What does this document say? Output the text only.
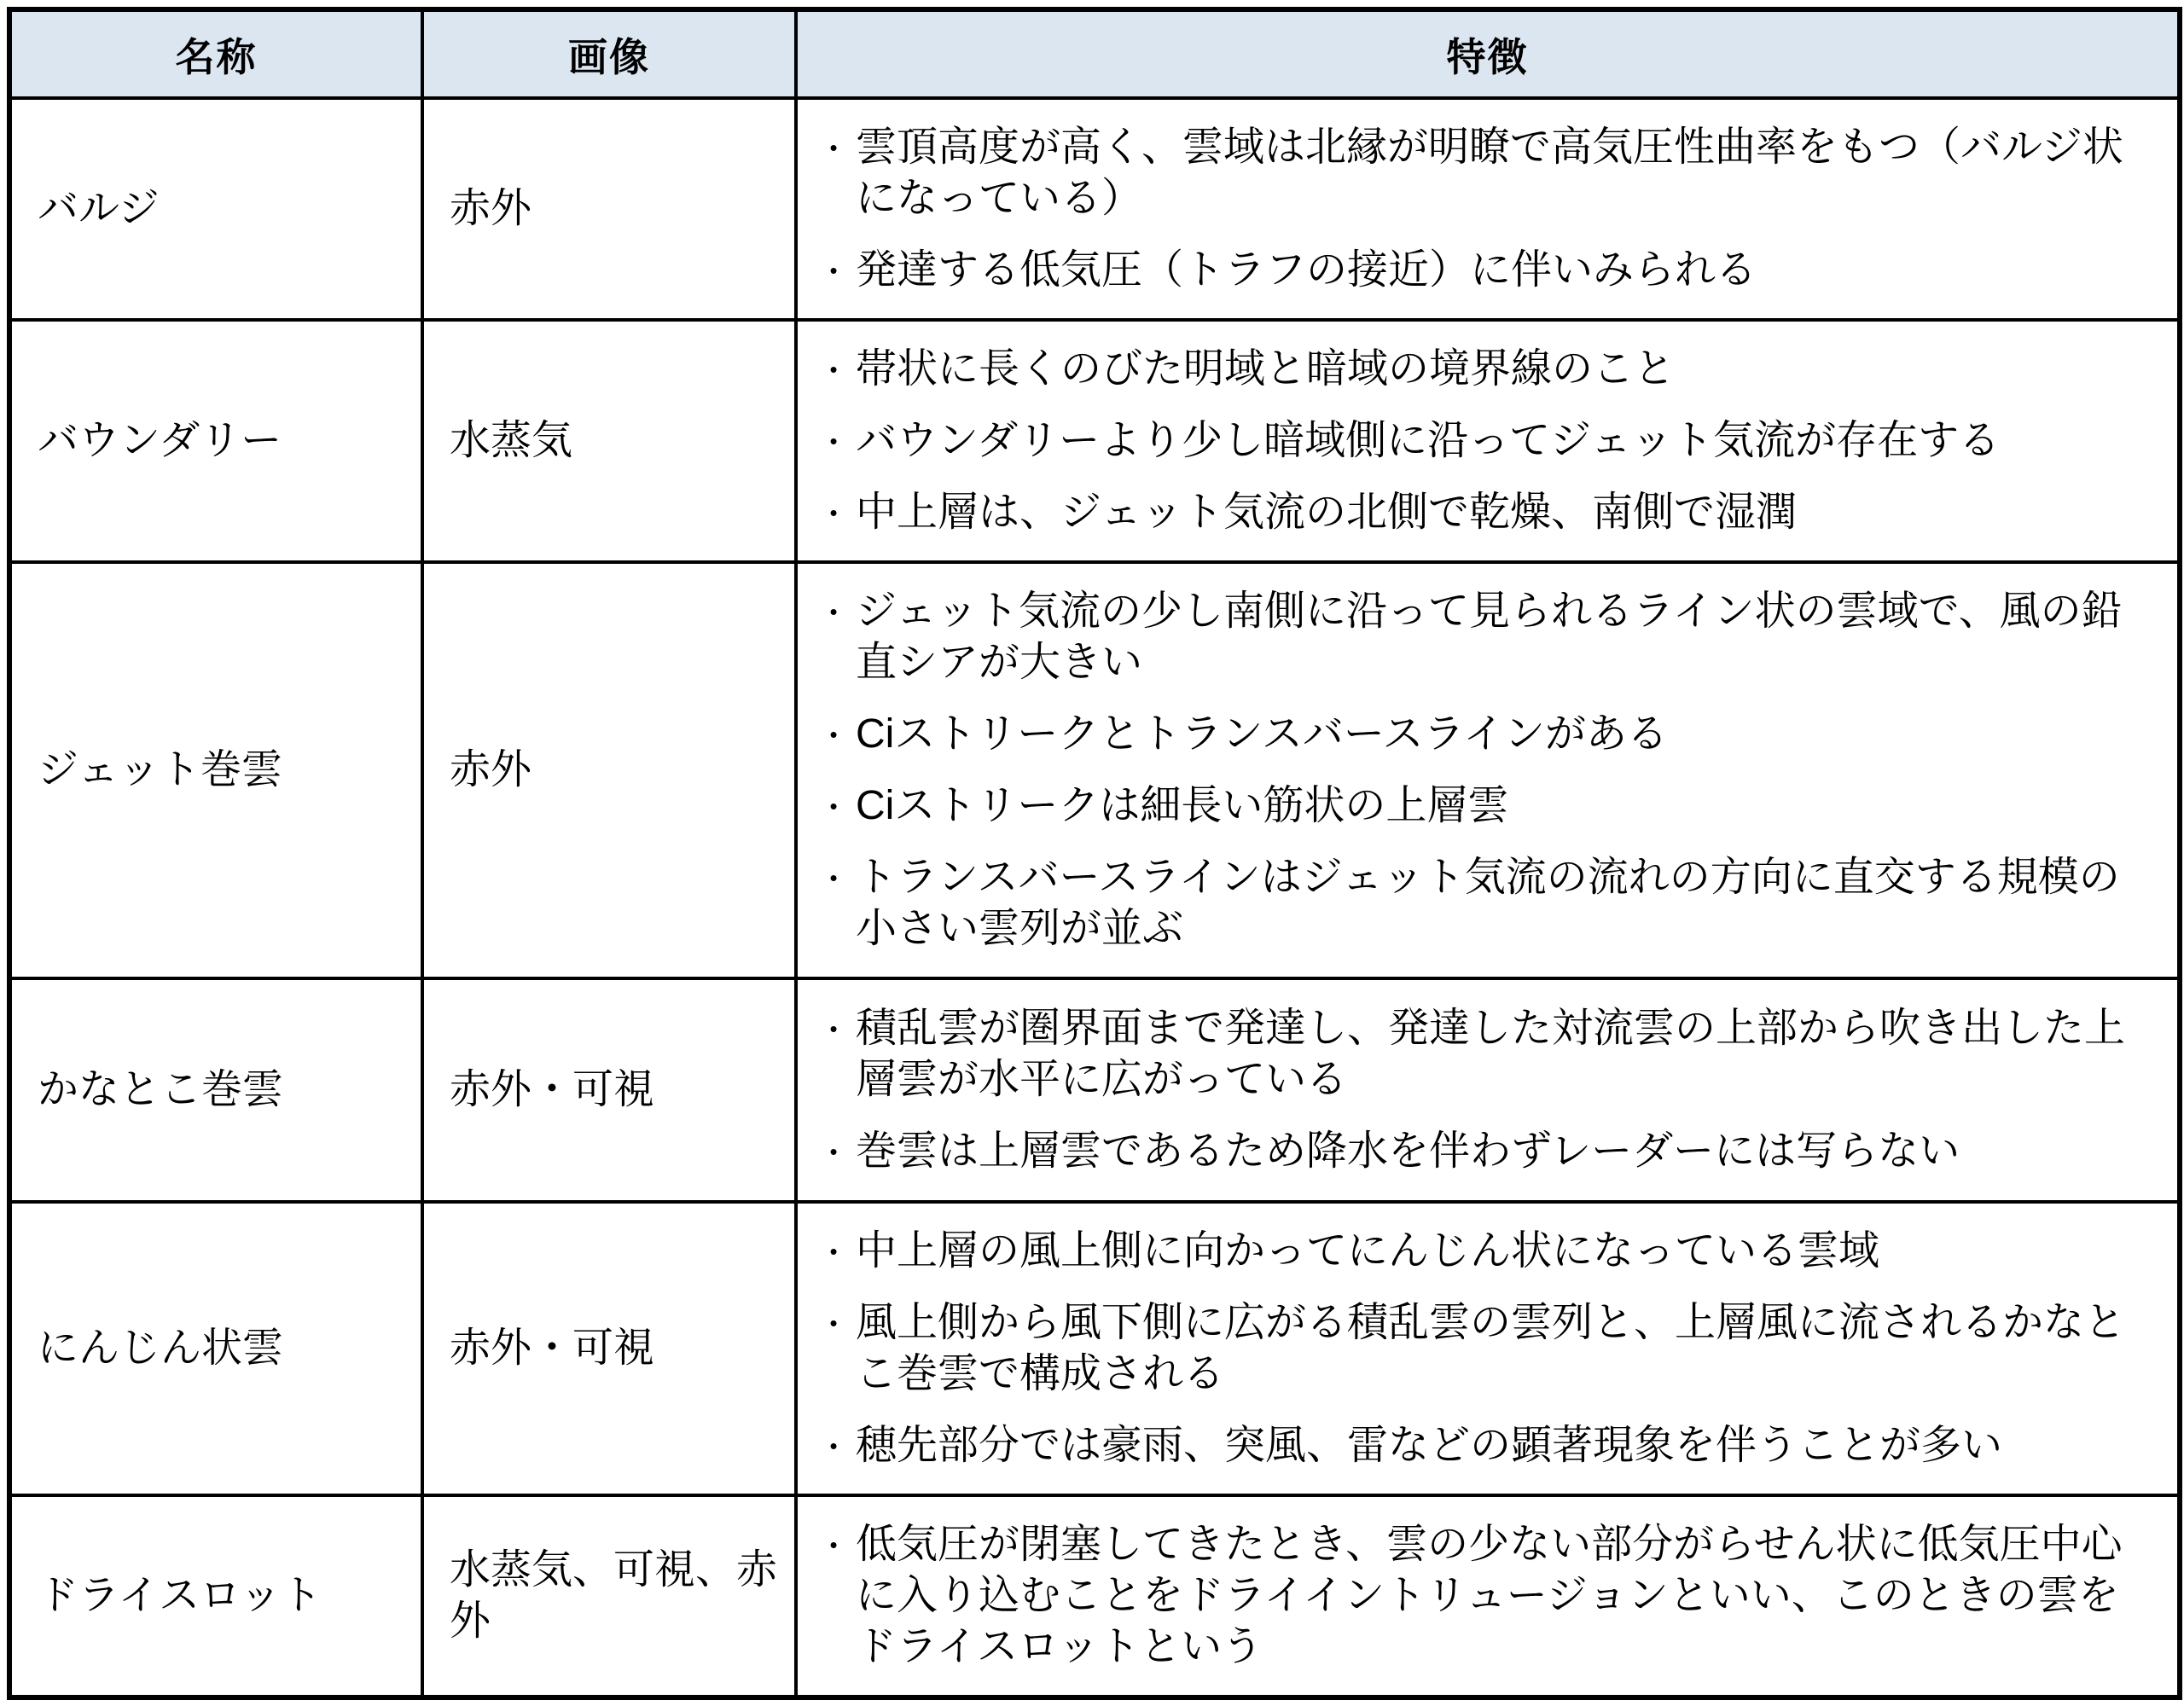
名称	画像	特徴
バルジ	赤外	• 雲頂高度が高く、雲域は北縁が明瞭で高気圧性曲率をもつ（バルジ状になっている）
• 発達する低気圧（トラフの接近）に伴いみられる

バウンダリー	水蒸気	
• 帯状に長くのびた明域と暗域の境界線のこと
• バウンダリーより少し暗域側に沿ってジェット気流が存在する
• 中上層は、ジェット気流の北側で乾燥、南側で湿潤

ジェット巻雲	赤外	
• ジェット気流の少し南側に沿って見られるライン状の雲域で、風の鉛直シアが大きい
• Ciストリークとトランスバースラインがある
• Ciストリークは細長い筋状の上層雲
• トランスバースラインはジェット気流の流れの方向に直交する規模の小さい雲列が並ぶ

かなとこ巻雲	赤外・可視	• 積乱雲が圏界面まで発達し、発達した対流雲の上部から吹き出した上層雲が水平に広がっている
• 巻雲は上層雲であるため降水を伴わずレーダーには写らない

にんじん状雲	赤外・可視	
• 中上層の風上側に向かってにんじん状になっている雲域
• 風上側から風下側に広がる積乱雲の雲列と、上層風に流されるかなとこ巻雲で構成される
• 穂先部分では豪雨、突風、雷などの顕著現象を伴うことが多い

ドライスロット	水蒸気、可視、赤外	• 低気圧が閉塞してきたとき、雲の少ない部分がらせん状に低気圧中心に入り込むことをドライイントリュージョンといい、このときの雲をドライスロットという
